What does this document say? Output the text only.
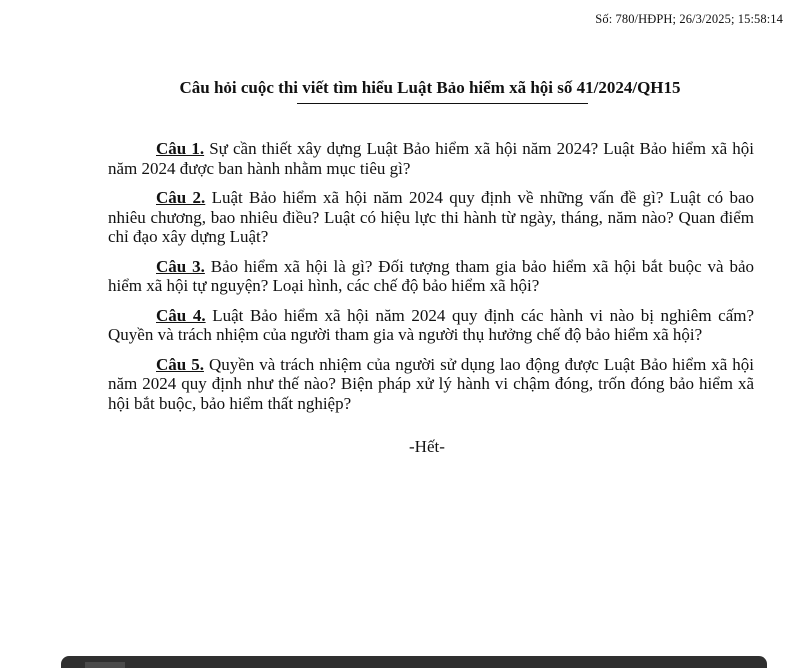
Số: 780/HĐPH; 26/3/2025; 15:58:14
Câu hỏi cuộc thi viết tìm hiểu Luật Bảo hiểm xã hội số 41/2024/QH15

Câu 1. Sự cần thiết xây dựng Luật Bảo hiểm xã hội năm 2024? Luật Bảo hiểm xã hội năm 2024 được ban hành nhằm mục tiêu gì?

Câu 2. Luật Bảo hiểm xã hội năm 2024 quy định về những vấn đề gì? Luật có bao nhiêu chương, bao nhiêu điều? Luật có hiệu lực thi hành từ ngày, tháng, năm nào? Quan điểm chỉ đạo xây dựng Luật?

Câu 3. Bảo hiểm xã hội là gì? Đối tượng tham gia bảo hiểm xã hội bắt buộc và bảo hiểm xã hội tự nguyện? Loại hình, các chế độ bảo hiểm xã hội?

Câu 4. Luật Bảo hiểm xã hội năm 2024 quy định các hành vi nào bị nghiêm cấm? Quyền và trách nhiệm của người tham gia và người thụ hưởng chế độ bảo hiểm xã hội?

Câu 5. Quyền và trách nhiệm của người sử dụng lao động được Luật Bảo hiểm xã hội năm 2024 quy định như thế nào? Biện pháp xử lý hành vi chậm đóng, trốn đóng bảo hiểm xã hội bắt buộc, bảo hiểm thất nghiệp?

-Hết-
